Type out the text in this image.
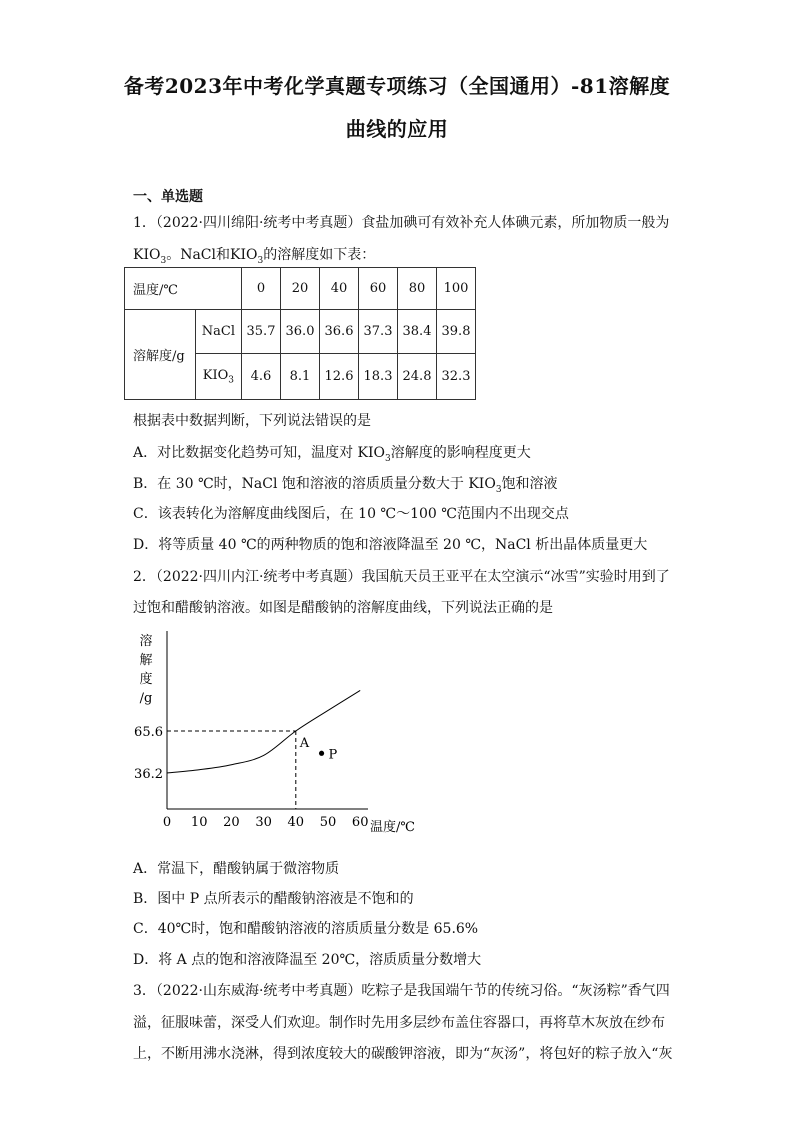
备考2023年中考化学真题专项练习（全国通用）-81溶解度
曲线的应用
一、单选题
1．（2022·四川绵阳·统考中考真题）食盐加碘可有效补充人体碘元素，所加物质一般为
$KIO_3$。NaCl和$KIO_3$的溶解度如下表：
温度/℃		0	20	40	60	80	100
溶解度/g	NaCl	35.7	36.0	36.6	37.3	38.4	39.8
	$KIO_3$	4.6	8.1	12.6	18.3	24.8	32.3
根据表中数据判断，下列说法错误的是
A．对比数据变化趋势可知，温度对 $KIO_3$溶解度的影响程度更大
B．在 30 ℃时，NaCl 饱和溶液的溶质质量分数大于 $KIO_3$饱和溶液
C．该表转化为溶解度曲线图后，在 10 ℃～100 ℃范围内不出现交点
D．将等质量 40 ℃的两种物质的饱和溶液降温至 20 ℃，NaCl 析出晶体质量更大
2．（2022·四川内江·统考中考真题）我国航天员王亚平在太空演示“冰雪”实验时用到了
过饱和醋酸钠溶液。如图是醋酸钠的溶解度曲线，下列说法正确的是
溶
解
度
/g
温度/℃
0 10 20 30 40 50 60
36.2
65.6
A
P
A．常温下，醋酸钠属于微溶物质
B．图中 P 点所表示的醋酸钠溶液是不饱和的
C．40℃时，饱和醋酸钠溶液的溶质质量分数是 65.6%
D．将 A 点的饱和溶液降温至 20℃，溶质质量分数增大
3．（2022·山东威海·统考中考真题）吃粽子是我国端午节的传统习俗。“灰汤粽”香气四
溢，征服味蕾，深受人们欢迎。制作时先用多层纱布盖住容器口，再将草木灰放在纱布
上，不断用沸水浇淋，得到浓度较大的碳酸钾溶液，即为“灰汤”，将包好的粽子放入“灰
